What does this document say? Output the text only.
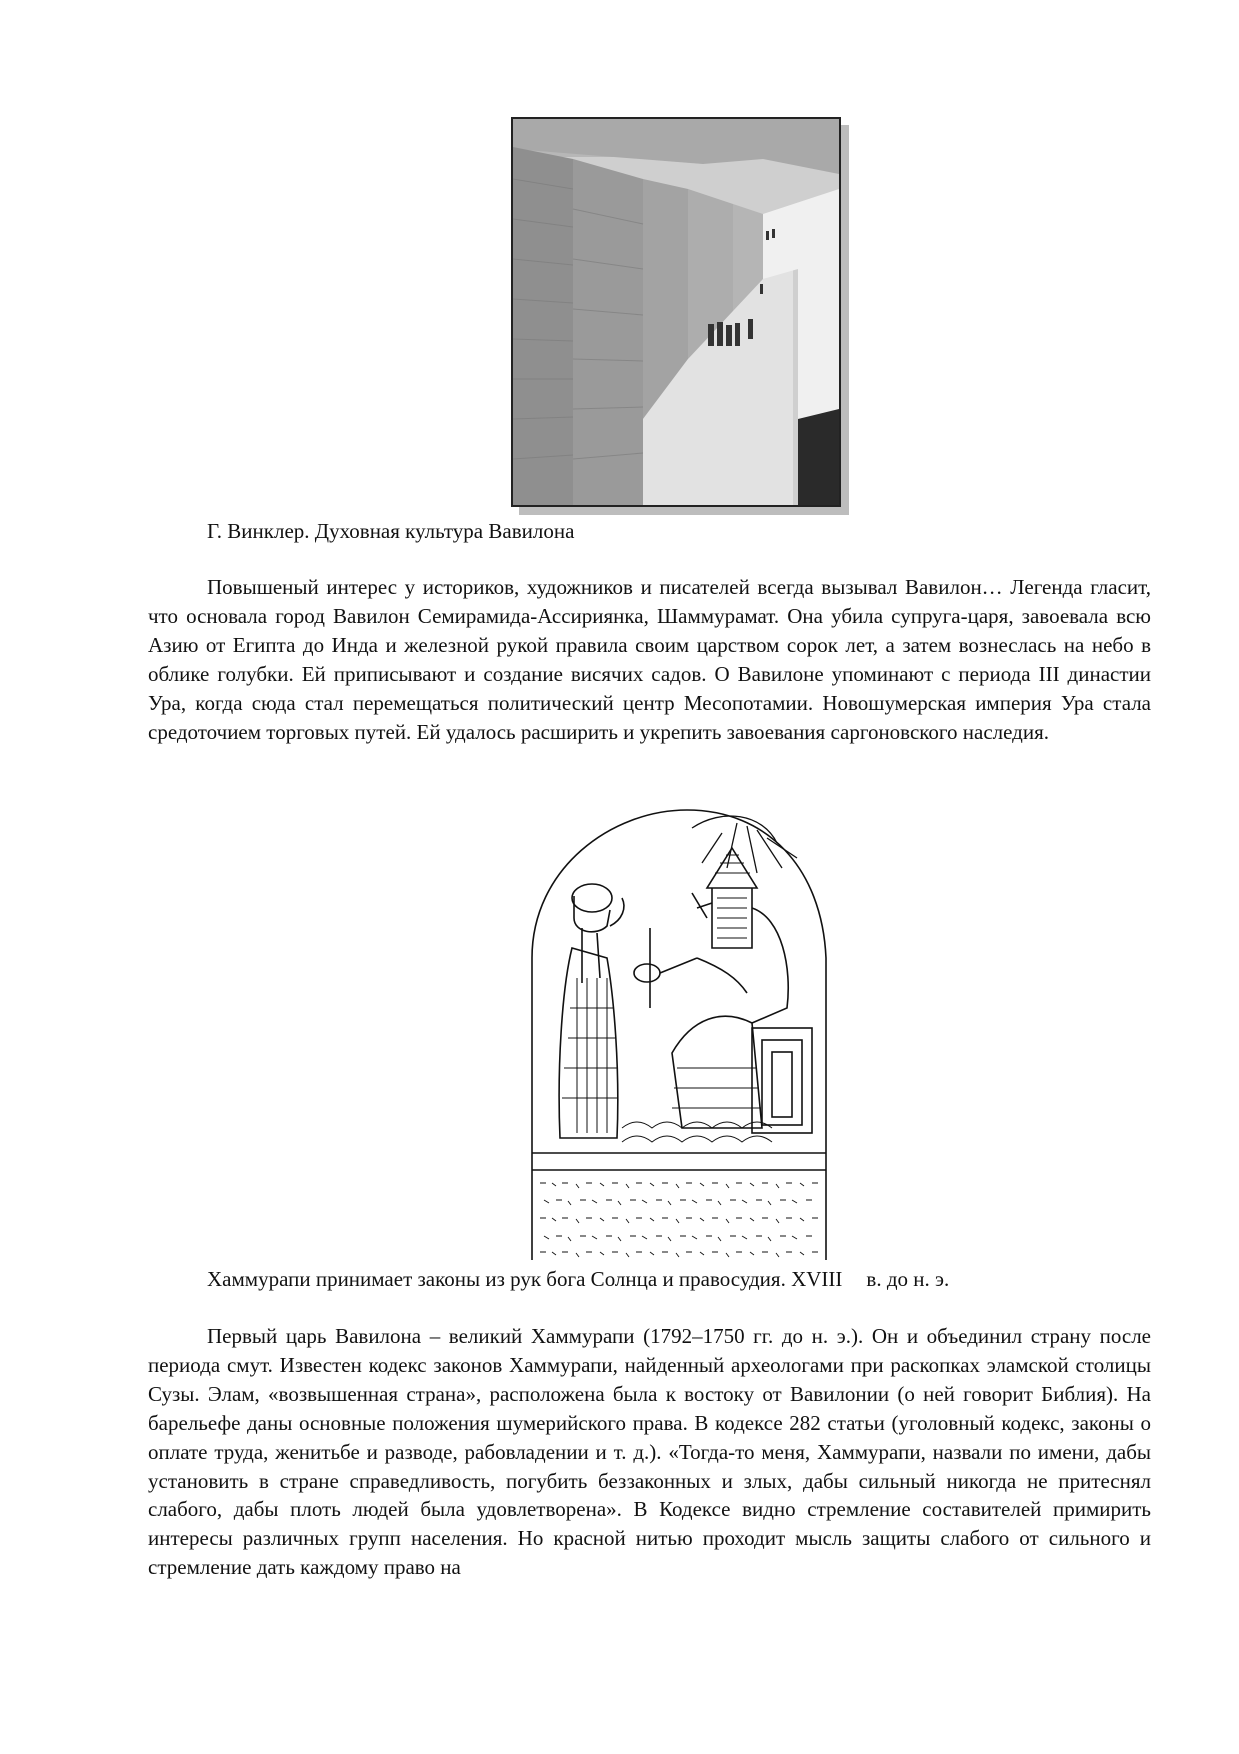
Г. Винклер. Духовная культура Вавилона

Повышеный интерес у историков, художников и писателей всегда вызывал Вавилон… Легенда гласит, что основала город Вавилон Семирамида-Ассириянка, Шаммурамат. Она убила супруга-царя, завоевала всю Азию от Египта до Инда и железной рукой правила своим царством сорок лет, а затем вознеслась на небо в облике голубки. Ей приписывают и создание висячих садов. О Вавилоне упоминают с периода III династии Ура, когда сюда стал перемещаться политический центр Месопотамии. Новошумерская империя Ура стала средоточием торговых путей. Ей удалось расширить и укрепить завоевания саргоновского наследия.

Хаммурапи принимает законы из рук бога Солнца и правосудия. XVIII в. до н. э.

Первый царь Вавилона – великий Хаммурапи (1792–1750 гг. до н. э.). Он и объединил страну после периода смут. Известен кодекс законов Хаммурапи, найденный археологами при раскопках эламской столицы Сузы. Элам, «возвышенная страна», расположена была к востоку от Вавилонии (о ней говорит Библия). На барельефе даны основные положения шумерийского права. В кодексе 282 статьи (уголовный кодекс, законы о оплате труда, женитьбе и разводе, рабовладении и т. д.). «Тогда-то меня, Хаммурапи, назвали по имени, дабы установить в стране справедливость, погубить беззаконных и злых, дабы сильный никогда не притеснял слабого, дабы плоть людей была удовлетворена». В Кодексе видно стремление составителей примирить интересы различных групп населения. Но красной нитью проходит мысль защиты слабого от сильного и стремление дать каждому право на
